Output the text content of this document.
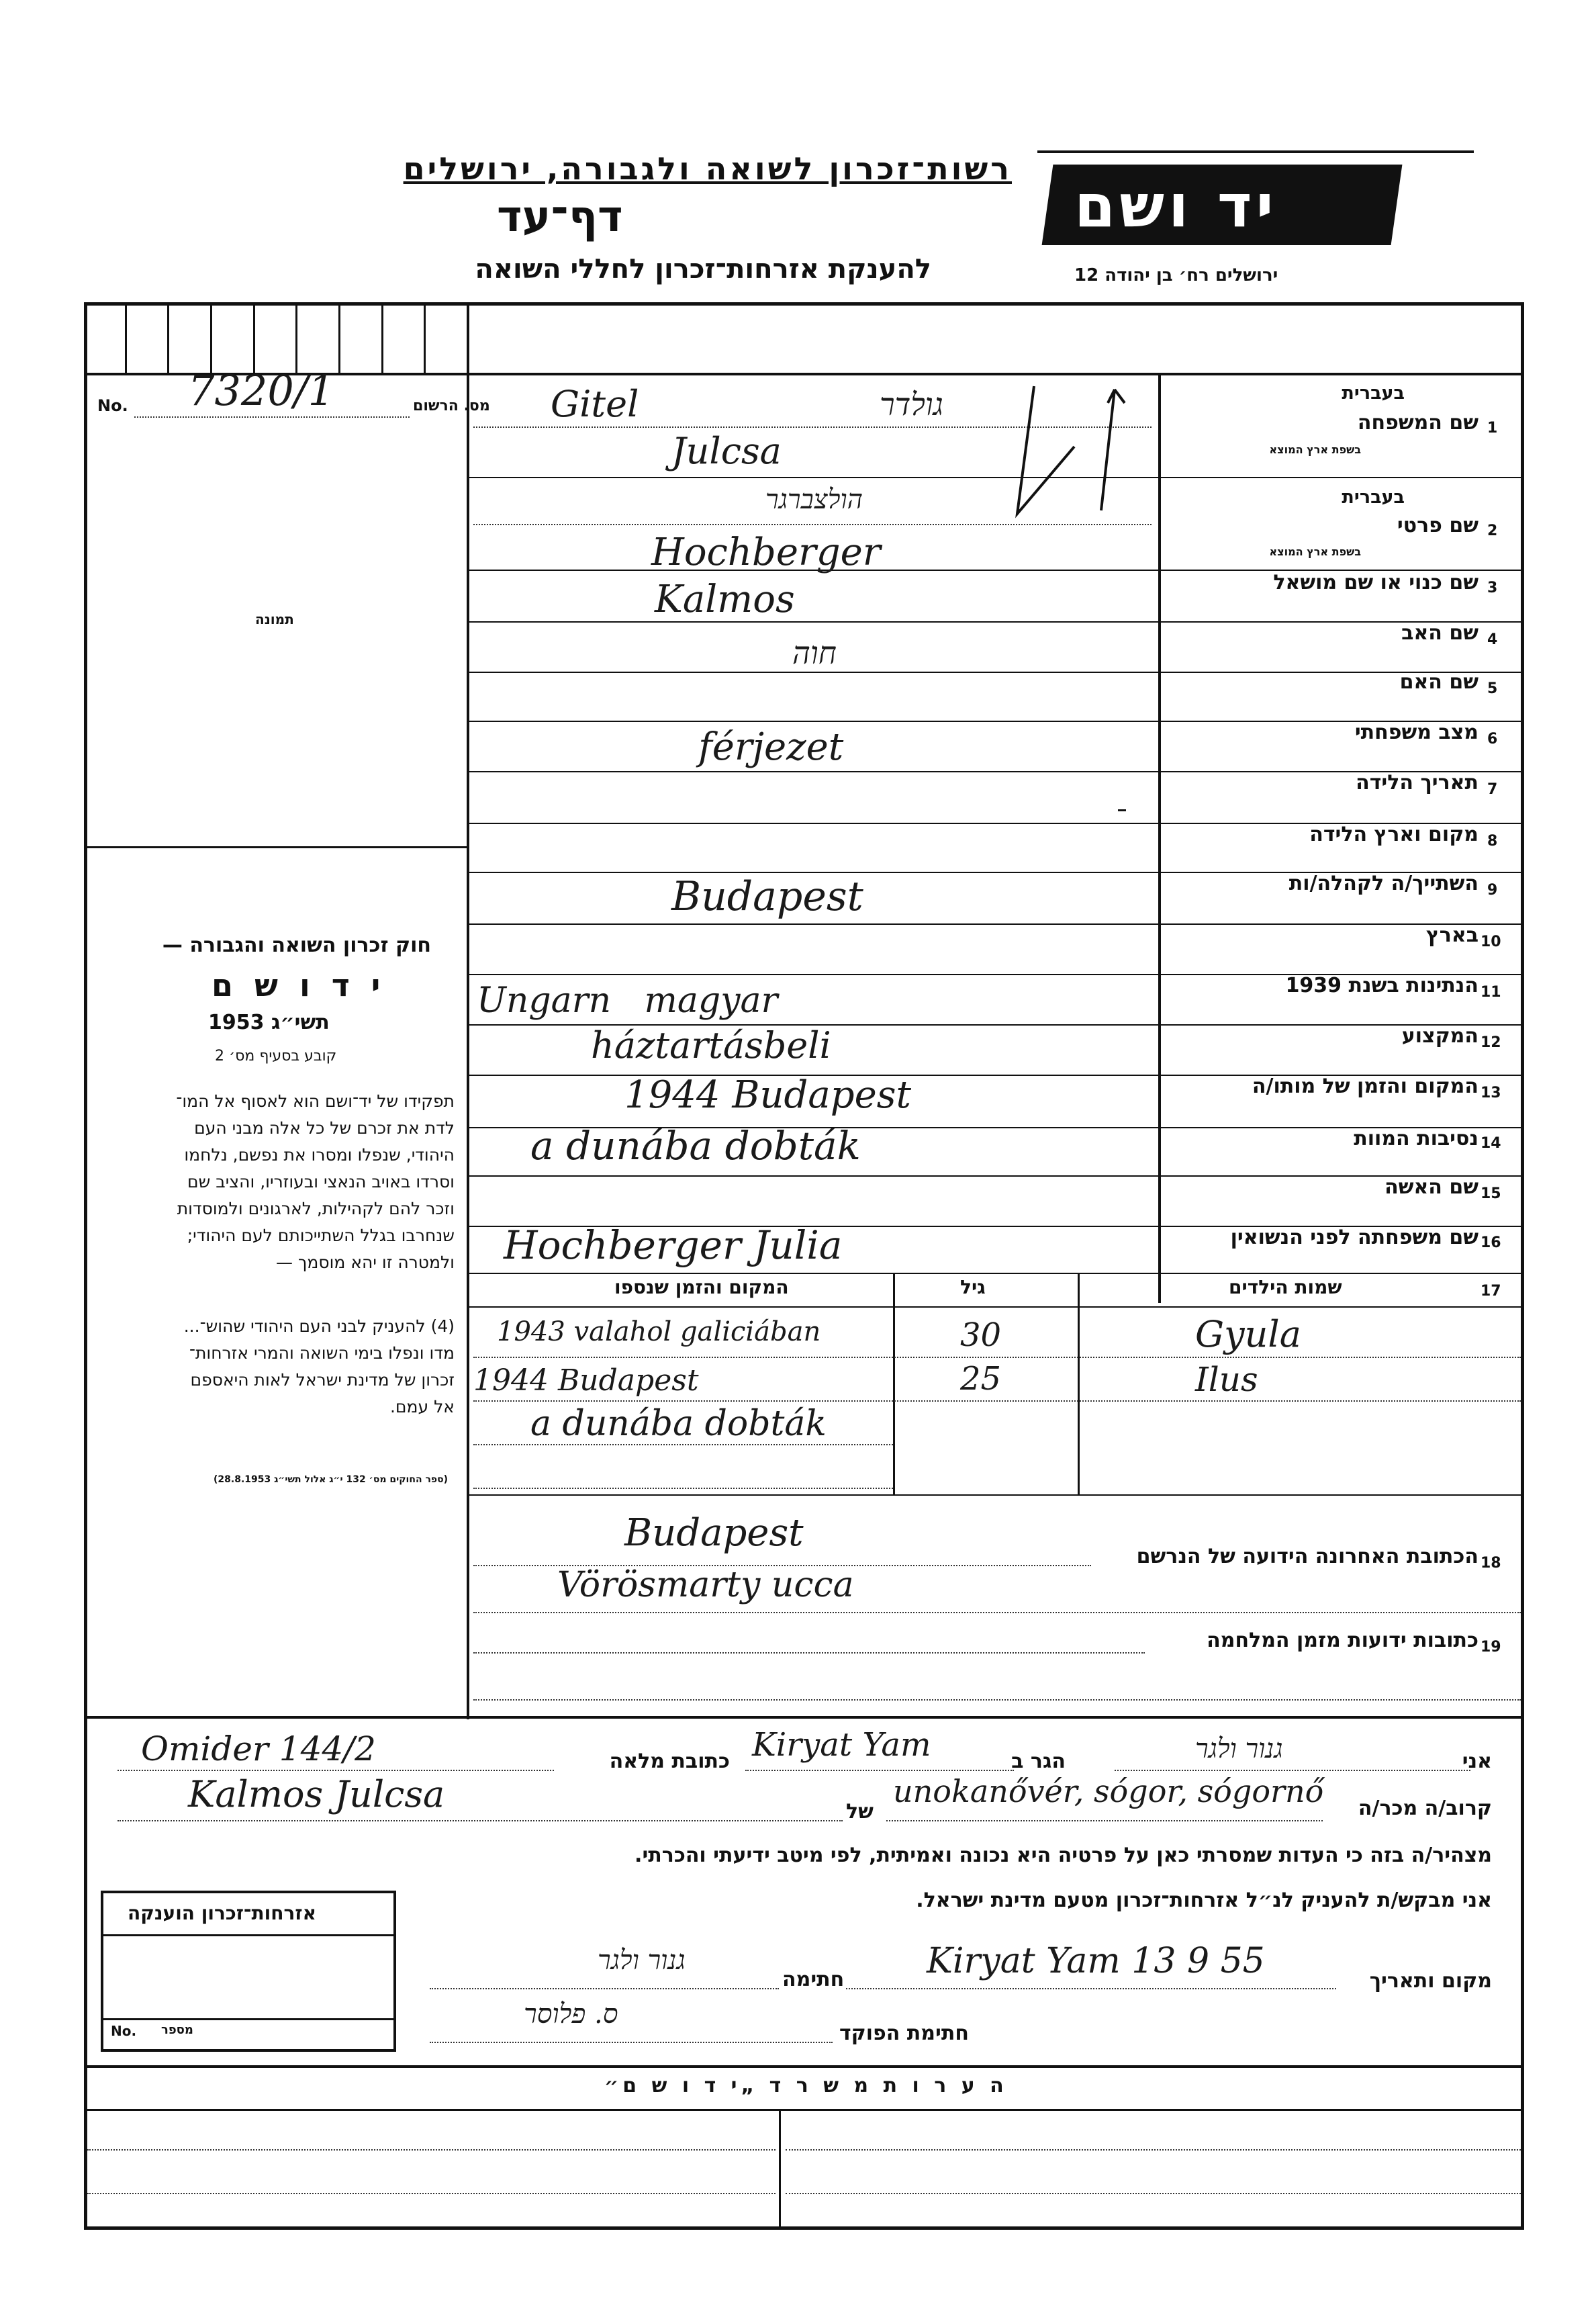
רשות־זכרון לשואה ולגבורה, ירושלים
דף־עד
להענקת אזרחות־זכרון לחללי השואה
יד ושם
ירושלים רח׳ בן יהודה 12
No. 7320/1	מס. הרשום
תמונה
חוק זכרון השואה והגבורה —
י ד ו ש ם
תשי״ג 1953
קובע בסעיף מס׳ 2
תפקידו של יד־ושם הוא לאסוף אל המו־
לדת את זכרם של כל אלה מבני העם
היהודי, שנפלו ומסרו את נפשם, נלחמו
וסרדו באויב הנאצי ובעוזריו, והציב שם
וזכר להם לקהילות, לארגונים ולמוסדות
שנחרבו בגלל השתייכותם לעם היהודי;
ולמטרה זו יהא מוסמך —
(4) להעניק לבני העם היהודי שהוש־...
מדו ונפלו בימי השואה והמרי אזרחות־
זכרון של מדינת ישראל לאות היאספם
אל עמם.
(ספר החוקים מס׳ 132 י״ג אלול תשי״ג 28.8.1953)
1
שם המשפחה
בעברית
בשפת ארץ המוצא
Gitel	גולדר
2
שם פרטי
בעברית
בשפת ארץ המוצא
Julcsa
הולצברגר
3
שם כנוי או שם מושאל
Hochberger
4
שם האב
Kalmos
5
שם האם
חוה
6
מצב משפחתי
7
תאריך הלידה
férjezet
8
מקום וארץ הלידה
9
השתייך/ה לקהלה/ות
Budapest
10
בארץ
11
הנתינות בשנת 1939
Ungarn   magyar
12
המקצוע
háztartásbeli
13
המקום והזמן של מותו/ה
1944 Budapest
14
נסיבות המוות
a dunába dobták
15
שם האשה
16
שם משפחתה לפני הנשואין
Hochberger Julia
17
שמות הילדים
גיל
המקום והזמן שנספו
Gyula
30
1943 valahol galiciában
Ilus
25
1944 Budapest
a dunába dobták
18
הכתובת האחרונה הידועה של הנרשם
Budapest
Vörösmarty ucca
19
כתובות ידועות מזמן המלחמה
אני
גנור ולגר
הגר ב
Kiryat Yam
כתובת מלאה
Omider 144/2
קרוב/ה מכר/ה
unokanővér, sógor, sógornő
של
Kalmos Julcsa
מצהיר/ה בזה כי העדות שמסרתי כאן על פרטיה היא נכונה ואמיתית, לפי מיטב ידיעתי והכרתי.
אני מבקש/ת להעניק לנ״ל אזרחות־זכרון מטעם מדינת ישראל.
אזרחות־זכרון הוענקה
No. מספר
מקום ותאריך
Kiryat Yam 13 9 55
חתימה
גנור ולגר
חתימת הפוקד
ס. פלוסר
ה ע ר ו ת מ ש ר ד „י ד ו ש ם״
